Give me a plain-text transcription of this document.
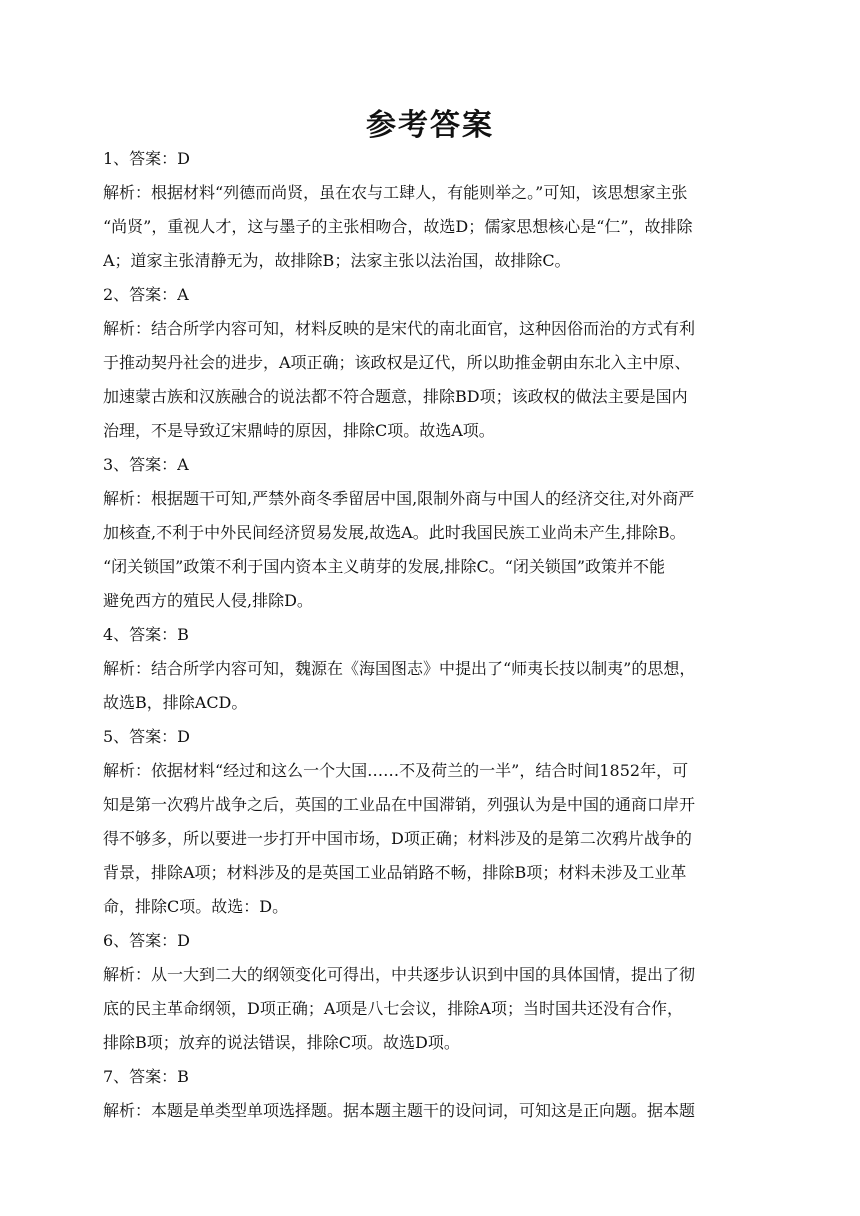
参考答案
1、答案：D
解析：根据材料“列德而尚贤，虽在农与工肆人，有能则举之。”可知，该思想家主张
“尚贤”，重视人才，这与墨子的主张相吻合，故选D；儒家思想核心是“仁”，故排除
A；道家主张清静无为，故排除B；法家主张以法治国，故排除C。
2、答案：A
解析：结合所学内容可知，材料反映的是宋代的南北面官，这种因俗而治的方式有利
于推动契丹社会的进步，A项正确；该政权是辽代，所以助推金朝由东北入主中原、
加速蒙古族和汉族融合的说法都不符合题意，排除BD项；该政权的做法主要是国内
治理，不是导致辽宋鼎峙的原因，排除C项。故选A项。
3、答案：A
解析：根据题干可知,严禁外商冬季留居中国,限制外商与中国人的经济交往,对外商严
加核查,不利于中外民间经济贸易发展,故选A。此时我国民族工业尚未产生,排除B。
“闭关锁国”政策不利于国内资本主义萌芽的发展,排除C。“闭关锁国”政策并不能
避免西方的殖民人侵,排除D。
4、答案：B
解析：结合所学内容可知，魏源在《海国图志》中提出了“师夷长技以制夷”的思想，
故选B，排除ACD。
5、答案：D
解析：依据材料“经过和这么一个大国……不及荷兰的一半”，结合时间1852年，可
知是第一次鸦片战争之后，英国的工业品在中国滞销，列强认为是中国的通商口岸开
得不够多，所以要进一步打开中国市场，D项正确；材料涉及的是第二次鸦片战争的
背景，排除A项；材料涉及的是英国工业品销路不畅，排除B项；材料未涉及工业革
命，排除C项。故选：D。
6、答案：D
解析：从一大到二大的纲领变化可得出，中共逐步认识到中国的具体国情，提出了彻
底的民主革命纲领，D项正确；A项是八七会议，排除A项；当时国共还没有合作，
排除B项；放弃的说法错误，排除C项。故选D项。
7、答案：B
解析：本题是单类型单项选择题。据本题主题干的设问词，可知这是正向题。据本题
